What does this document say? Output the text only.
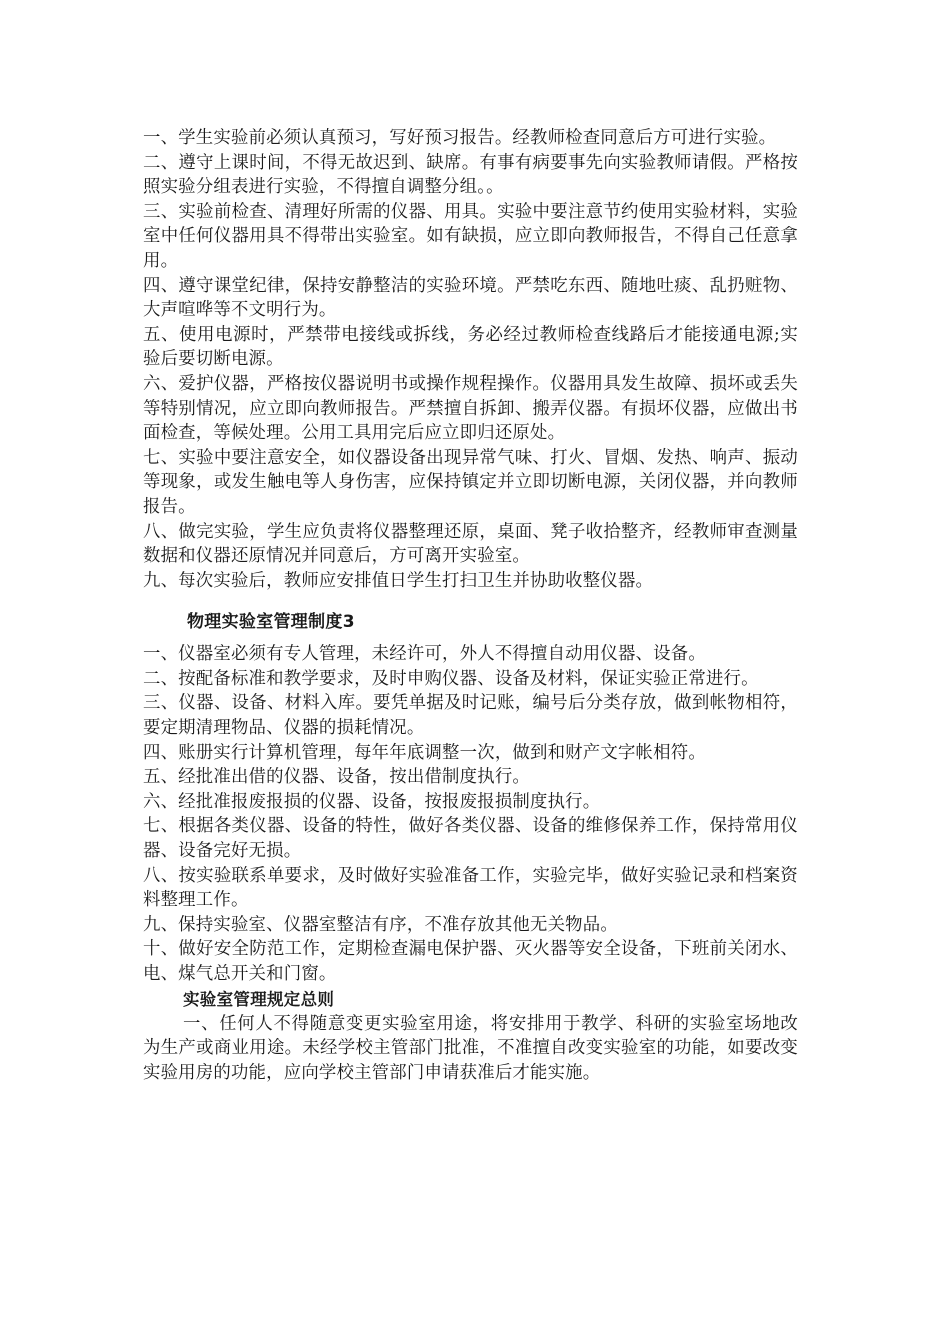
一、学生实验前必须认真预习，写好预习报告。经教师检查同意后方可进行实验。

二、遵守上课时间，不得无故迟到、缺席。有事有病要事先向实验教师请假。严格按照实验分组表进行实验，不得擅自调整分组。。

三、实验前检查、清理好所需的仪器、用具。实验中要注意节约使用实验材料，实验室中任何仪器用具不得带出实验室。如有缺损，应立即向教师报告，不得自己任意拿用。

四、遵守课堂纪律，保持安静整洁的实验环境。严禁吃东西、随地吐痰、乱扔赃物、大声喧哗等不文明行为。

五、使用电源时，严禁带电接线或拆线，务必经过教师检查线路后才能接通电源;实验后要切断电源。

六、爱护仪器，严格按仪器说明书或操作规程操作。仪器用具发生故障、损坏或丢失等特别情况，应立即向教师报告。严禁擅自拆卸、搬弄仪器。有损坏仪器，应做出书面检查，等候处理。公用工具用完后应立即归还原处。

七、实验中要注意安全，如仪器设备出现异常气味、打火、冒烟、发热、响声、振动等现象，或发生触电等人身伤害，应保持镇定并立即切断电源，关闭仪器，并向教师报告。

八、做完实验，学生应负责将仪器整理还原，桌面、凳子收拾整齐，经教师审查测量数据和仪器还原情况并同意后，方可离开实验室。

九、每次实验后，教师应安排值日学生打扫卫生并协助收整仪器。

物理实验室管理制度3

一、仪器室必须有专人管理，未经许可，外人不得擅自动用仪器、设备。

二、按配备标准和教学要求，及时申购仪器、设备及材料，保证实验正常进行。

三、仪器、设备、材料入库。要凭单据及时记账，编号后分类存放，做到帐物相符，要定期清理物品、仪器的损耗情况。

四、账册实行计算机管理，每年年底调整一次，做到和财产文字帐相符。

五、经批准出借的仪器、设备，按出借制度执行。

六、经批准报废报损的仪器、设备，按报废报损制度执行。

七、根据各类仪器、设备的特性，做好各类仪器、设备的维修保养工作，保持常用仪器、设备完好无损。

八、按实验联系单要求，及时做好实验准备工作，实验完毕，做好实验记录和档案资料整理工作。

九、保持实验室、仪器室整洁有序，不准存放其他无关物品。

十、做好安全防范工作，定期检查漏电保护器、灭火器等安全设备，下班前关闭水、电、煤气总开关和门窗。

实验室管理规定总则

一、任何人不得随意变更实验室用途，将安排用于教学、科研的实验室场地改为生产或商业用途。未经学校主管部门批准，不准擅自改变实验室的功能，如要改变实验用房的功能，应向学校主管部门申请获准后才能实施。
